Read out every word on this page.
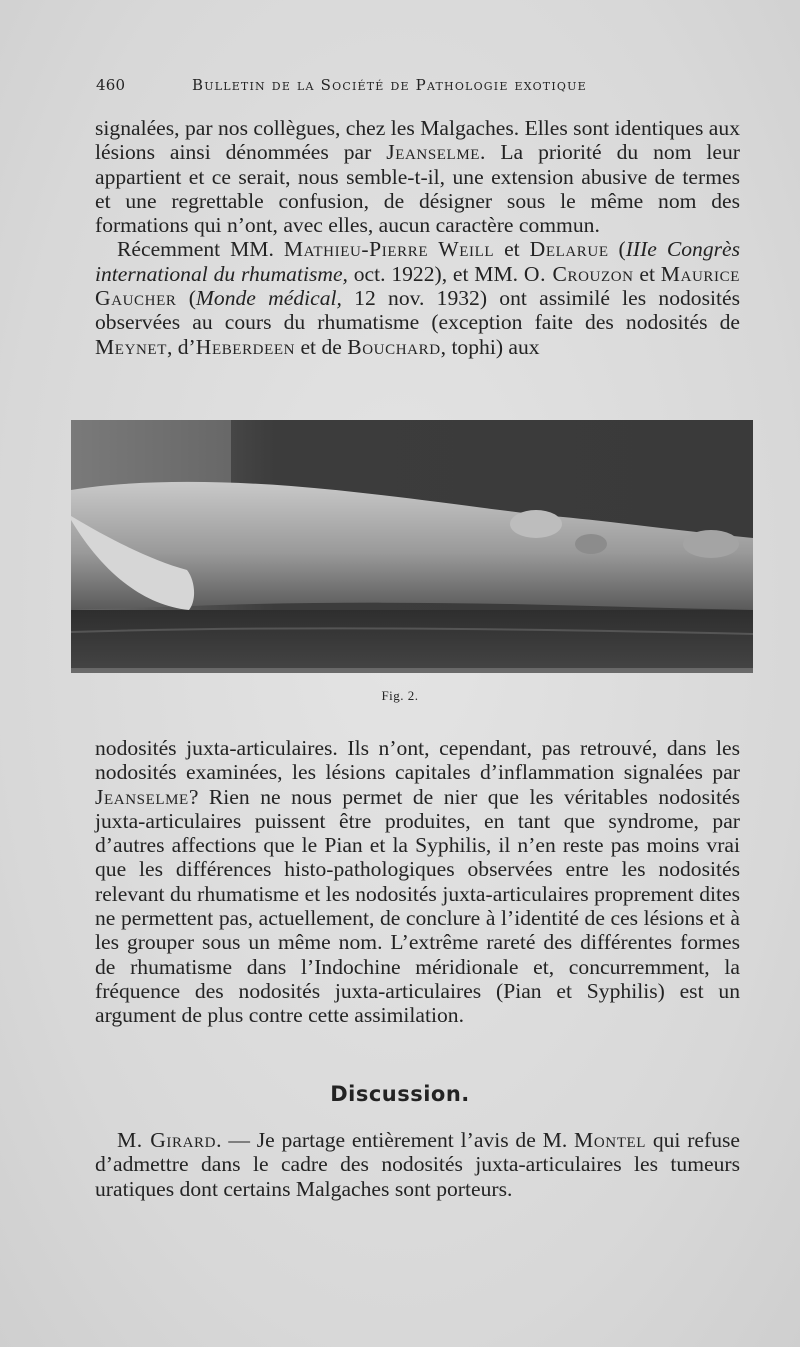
460	Bulletin de la Société de Pathologie exotique

signalées, par nos collègues, chez les Malgaches. Elles sont identiques aux lésions ainsi dénommées par Jeanselme. La priorité du nom leur appartient et ce serait, nous semble-t-il, une extension abusive de termes et une regrettable confusion, de désigner sous le même nom des formations qui n’ont, avec elles, aucun caractère commun.

Récemment MM. Mathieu-Pierre Weill et Delarue (IIIe Congrès international du rhumatisme, oct. 1922), et MM. O. Crouzon et Maurice Gaucher (Monde médical, 12 nov. 1932) ont assimilé les nodosités observées au cours du rhumatisme (exception faite des nodosités de Meynet, d’Heberdeen et de Bouchard, tophi) aux

Fig. 2.

nodosités juxta-articulaires. Ils n’ont, cependant, pas retrouvé, dans les nodosités examinées, les lésions capitales d’inflammation signalées par Jeanselme? Rien ne nous permet de nier que les véritables nodosités juxta-articulaires puissent être produites, en tant que syndrome, par d’autres affections que le Pian et la Syphilis, il n’en reste pas moins vrai que les différences histo-pathologiques observées entre les nodosités relevant du rhumatisme et les nodosités juxta-articulaires proprement dites ne permettent pas, actuellement, de conclure à l’identité de ces lésions et à les grouper sous un même nom. L’extrême rareté des différentes formes de rhumatisme dans l’Indochine méridionale et, concurremment, la fréquence des nodosités juxta-articulaires (Pian et Syphilis) est un argument de plus contre cette assimilation.

Discussion.

M. Girard. — Je partage entièrement l’avis de M. Montel qui refuse d’admettre dans le cadre des nodosités juxta-articulaires les tumeurs uratiques dont certains Malgaches sont porteurs.
